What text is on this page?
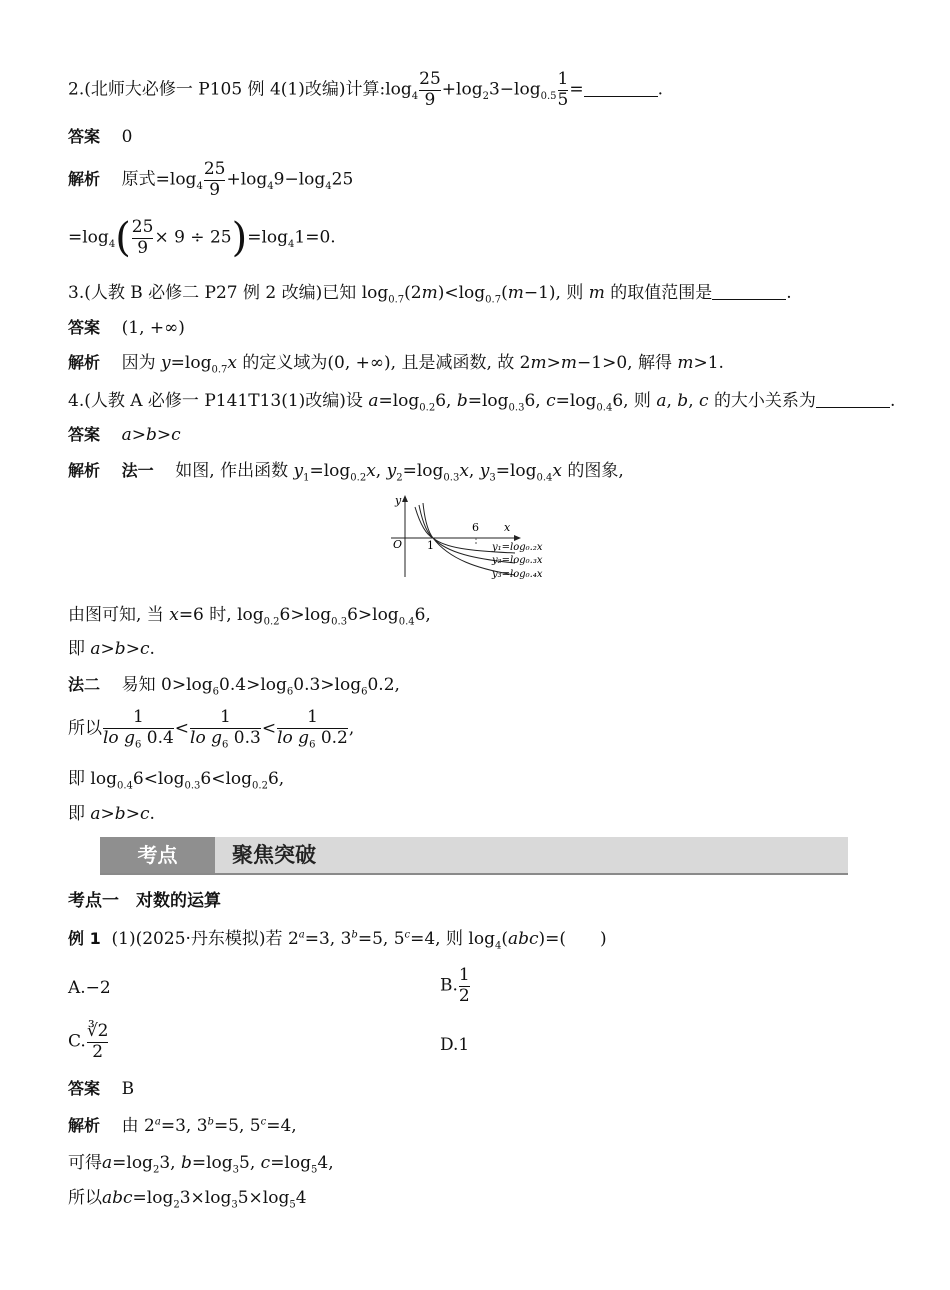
2.(北师大必修一 P105 例 4(1)改编)计算$:\log_4 \frac{25}{9} +\log_23-\log_{0.5} \frac{1}{5}$ =	.
答案 0
解析 原式$=\log_4 \frac{25}{9} +\log_49-\log_425$
$=\log_4( \frac{25}{9} \times 9 \div 25)=\log_41=0$.
3.(人教 B 必修二 P27 例 2 改编)已知 $\log_{0.7}(2m)<\log_{0.7}(m-1)$, 则 m 的取值范围是	.
答案 (1, +∞)
解析 因为 $y=\log_{0.7}x$ 的定义域为(0, +∞), 且是减函数, 故 2m>m−1>0, 解得 m>1.
4.(人教 A 必修一 P141T13(1)改编)设 $a=\log_{0.2}6$, $b=\log_{0.3}6$, $c=\log_{0.4}6$, 则 a, b, c 的大小关系为	.
答案 a>b>c
解析 法一 如图, 作出函数 $y_1=\log_{0.2}x$, $y_2=\log_{0.3}x$, $y_3=\log_{0.4}x$ 的图象,
y
x
O 1
6
y₁=log₀.₂x
y₂=log₀.₃x
y₃=log₀.₄x
由图可知, 当 x=6 时, $\log_{0.2}6>\log_{0.3}6>\log_{0.4}6$,
即 a>b>c.
法二 易知 $0>\log_60.4>\log_60.3>\log_60.2$,
所以 $\frac{1}{lo g_6 0.4} < \frac{1}{lo g_6 0.3} < \frac{1}{lo g_6 0.2}$ ,
即 $\log_{0.4}6<\log_{0.3}6<\log_{0.2}6$,
即 a>b>c.
考点	聚焦突破
考点一　对数的运算
例 1 (1)(2025·丹东模拟)若 $2^a=3$, $3^b=5$, $5^c=4$, 则 $\log_4(abc)=$(　　)
A.−2	B. $\frac{1}{2}$
C. $\frac{∛2}{2}$	D.1
答案 B
解析 由 $2^a=3$, $3^b=5$, $5^c=4$,
可得$a=\log_23$, $b=\log_35$, $c=\log_54$,
所以$abc=\log_23\times\log_35\times\log_54$
